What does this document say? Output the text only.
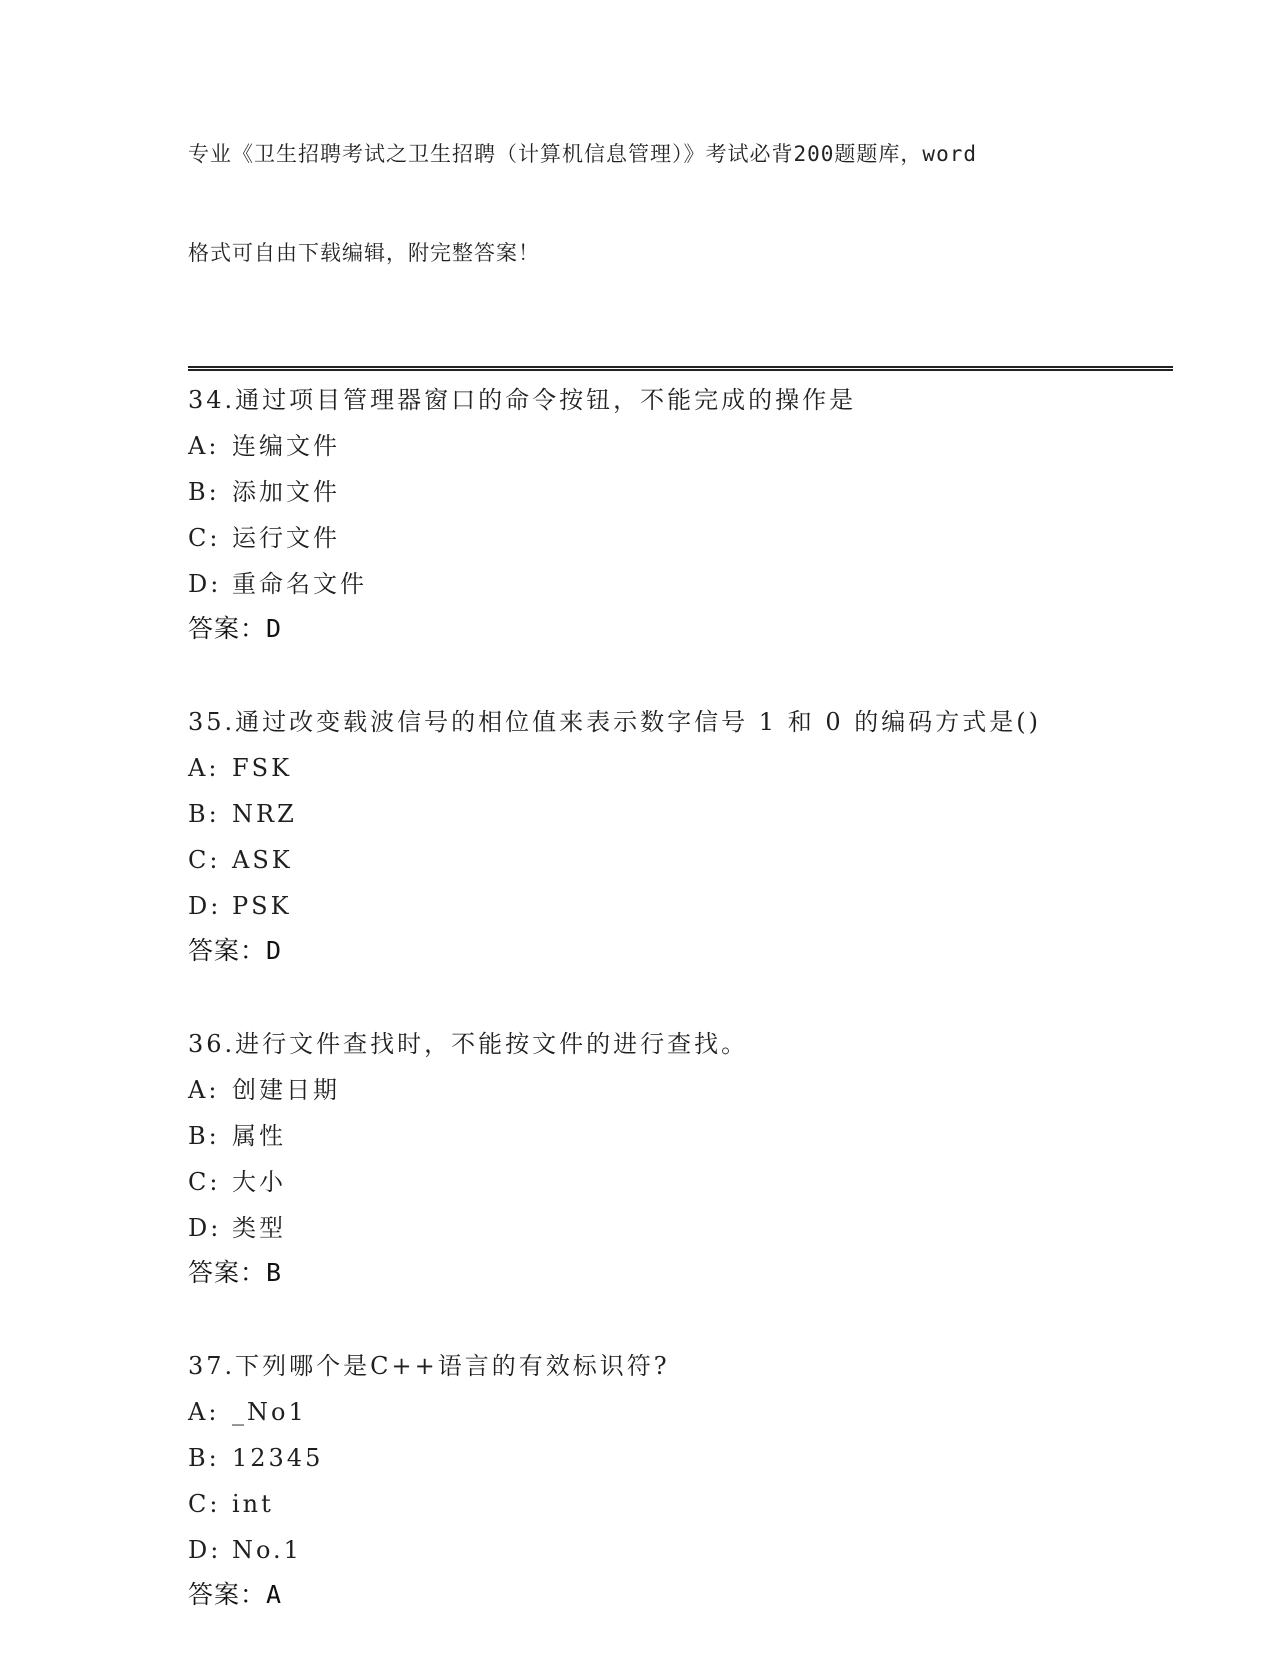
专业《卫生招聘考试之卫生招聘（计算机信息管理）》考试必背200题题库，word

格式可自由下载编辑，附完整答案！

34.通过项目管理器窗口的命令按钮，不能完成的操作是
A: 连编文件
B: 添加文件
C: 运行文件
D: 重命名文件
答案：D
35.通过改变载波信号的相位值来表示数字信号 1 和 0 的编码方式是()
A: FSK
B: NRZ
C: ASK
D: PSK
答案：D
36.进行文件查找时，不能按文件的进行查找。
A: 创建日期
B: 属性
C: 大小
D: 类型
答案：B
37.下列哪个是C++语言的有效标识符?
A: _No1
B: 12345
C: int
D: No.1
答案：A
